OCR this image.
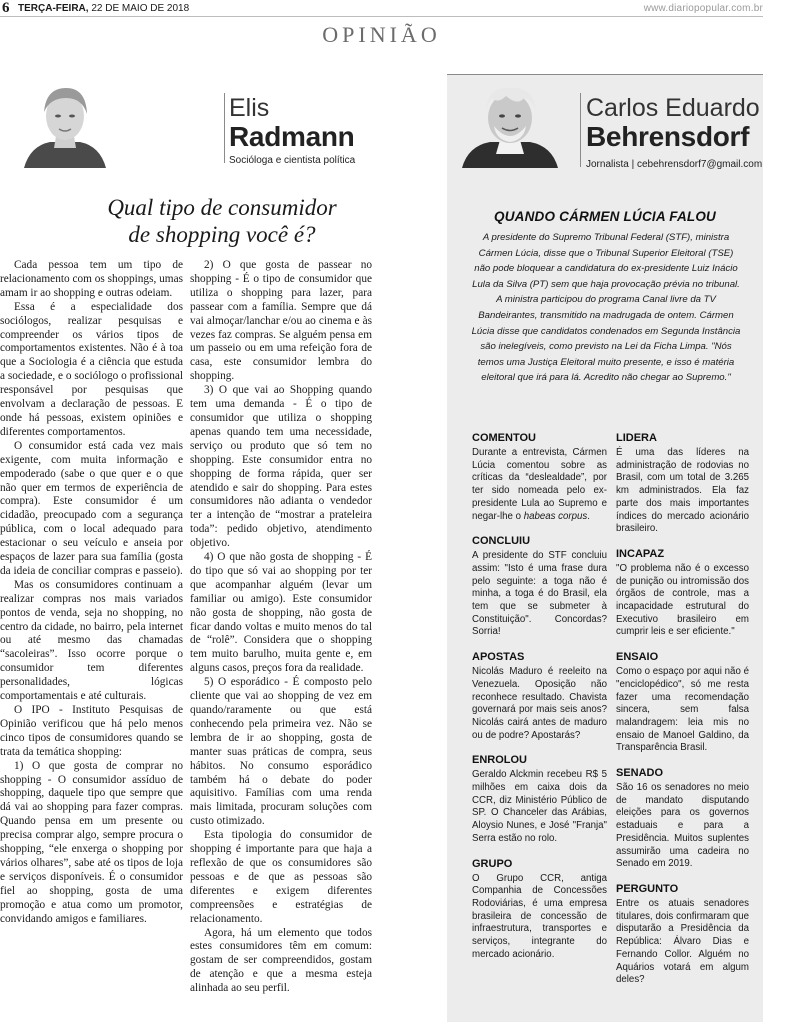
6 TERÇA-FEIRA, 22 DE MAIO DE 2018	www.diariopopular.com.br
OPINIÃO
Elis
Radmann
Socióloga e cientista política
Carlos Eduardo
Behrensdorf
Jornalista | cebehrensdorf7@gmail.com
Qual tipo de consumidor
de shopping você é?

Cada pessoa tem um tipo de relacionamento com os shoppings, umas amam ir ao shopping e outras odeiam.

Essa é a especialidade dos sociólogos, realizar pesquisas e compreender os vários tipos de comportamentos existentes. Não é à toa que a Sociologia é a ciência que estuda a sociedade, e o sociólogo o profissional responsável por pesquisas que envolvam a declaração de pessoas. E onde há pessoas, existem opiniões e diferentes comportamentos.

O consumidor está cada vez mais exigente, com muita informação e empoderado (sabe o que quer e o que não quer em termos de experiência de compra). Este consumidor é um cidadão, preocupado com a segurança pública, com o local adequado para estacionar o seu veículo e anseia por espaços de lazer para sua família (gosta da ideia de conciliar compras e passeio).

Mas os consumidores continuam a realizar compras nos mais variados pontos de venda, seja no shopping, no centro da cidade, no bairro, pela internet ou até mesmo das chamadas “sacoleiras”. Isso ocorre porque o consumidor tem diferentes personalidades, lógicas comportamentais e até culturais.

O IPO - Instituto Pesquisas de Opinião verificou que há pelo menos cinco tipos de consumidores quando se trata da temática shopping:

1) O que gosta de comprar no shopping - O consumidor assíduo de shopping, daquele tipo que sempre que dá vai ao shopping para fazer compras. Quando pensa em um presente ou precisa comprar algo, sempre procura o shopping, “ele enxerga o shopping por vários olhares”, sabe até os tipos de loja e serviços disponíveis. É o consumidor fiel ao shopping, gosta de uma promoção e atua como um promotor, convidando amigos e familiares.

2) O que gosta de passear no shopping - É o tipo de consumidor que utiliza o shopping para lazer, para passear com a família. Sempre que dá vai almoçar/lanchar e/ou ao cinema e às vezes faz compras. Se alguém pensa em um passeio ou em uma refeição fora de casa, este consumidor lembra do shopping.

3) O que vai ao Shopping quando tem uma demanda - É o tipo de consumidor que utiliza o shopping apenas quando tem uma necessidade, serviço ou produto que só tem no shopping. Este consumidor entra no shopping de forma rápida, quer ser atendido e sair do shopping. Para estes consumidores não adianta o vendedor ter a intenção de “mostrar a prateleira toda”: pedido objetivo, atendimento objetivo.

4) O que não gosta de shopping - É do tipo que só vai ao shopping por ter que acompanhar alguém (levar um familiar ou amigo). Este consumidor não gosta de shopping, não gosta de ficar dando voltas e muito menos do tal de “rolê”. Considera que o shopping tem muito barulho, muita gente e, em alguns casos, preços fora da realidade.

5) O esporádico - É composto pelo cliente que vai ao shopping de vez em quando/raramente ou que está conhecendo pela primeira vez. Não se lembra de ir ao shopping, gosta de manter suas práticas de compra, seus hábitos. No consumo esporádico também há o debate do poder aquisitivo. Famílias com uma renda mais limitada, procuram soluções com custo otimizado.

Esta tipologia do consumidor de shopping é importante para que haja a reflexão de que os consumidores são pessoas e de que as pessoas são diferentes e exigem diferentes compreensões e estratégias de relacionamento.

Agora, há um elemento que todos estes consumidores têm em comum: gostam de ser compreendidos, gostam de atenção e que a mesma esteja alinhada ao seu perfil.

QUANDO CÁRMEN LÚCIA FALOU
A presidente do Supremo Tribunal Federal (STF), ministra Cármen Lúcia, disse que o Tribunal Superior Eleitoral (TSE) não pode bloquear a candidatura do ex-presidente Luiz Inácio Lula da Silva (PT) sem que haja provocação prévia no tribunal. A ministra participou do programa Canal livre da TV Bandeirantes, transmitido na madrugada de ontem. Cármen Lúcia disse que candidatos condenados em Segunda Instância são inelegíveis, como previsto na Lei da Ficha Limpa. "Nós temos uma Justiça Eleitoral muito presente, e isso é matéria eleitoral que irá para lá. Acredito não chegar ao Supremo."
COMENTOU
Durante a entrevista, Cármen Lúcia comentou sobre as críticas da “deslealdade”, por ter sido nomeada pelo ex-presidente Lula ao Supremo e negar-lhe o habeas corpus.
CONCLUIU
A presidente do STF concluiu assim: "Isto é uma frase dura pelo seguinte: a toga não é minha, a toga é do Brasil, ela tem que se submeter à Constituição". Concordas? Sorria!
APOSTAS
Nicolás Maduro é reeleito na Venezuela. Oposição não reconhece resultado. Chavista governará por mais seis anos? Nicolás cairá antes de maduro ou de podre? Apostarás?
ENROLOU
Geraldo Alckmin recebeu R$ 5 milhões em caixa dois da CCR, diz Ministério Público de SP. O Chanceler das Arábias, Aloysio Nunes, e José "Franja" Serra estão no rolo.
GRUPO
O Grupo CCR, antiga Companhia de Concessões Rodoviárias, é uma empresa brasileira de concessão de infraestrutura, transportes e serviços, integrante do mercado acionário.
LIDERA
É uma das líderes na administração de rodovias no Brasil, com um total de 3.265 km administrados. Ela faz parte dos mais importantes índices do mercado acionário brasileiro.
INCAPAZ
"O problema não é o excesso de punição ou intromissão dos órgãos de controle, mas a incapacidade estrutural do Executivo brasileiro em cumprir leis e ser eficiente."
ENSAIO
Como o espaço por aqui não é "enciclopédico", só me resta fazer uma recomendação sincera, sem falsa malandragem: leia mis no ensaio de Manoel Galdino, da Transparência Brasil.
SENADO
São 16 os senadores no meio de mandato disputando eleições para os governos estaduais e para a Presidência. Muitos suplentes assumirão uma cadeira no Senado em 2019.
PERGUNTO
Entre os atuais senadores titulares, dois confirmaram que disputarão a Presidência da República: Álvaro Dias e Fernando Collor. Alguém no Aquários votará em algum deles?
